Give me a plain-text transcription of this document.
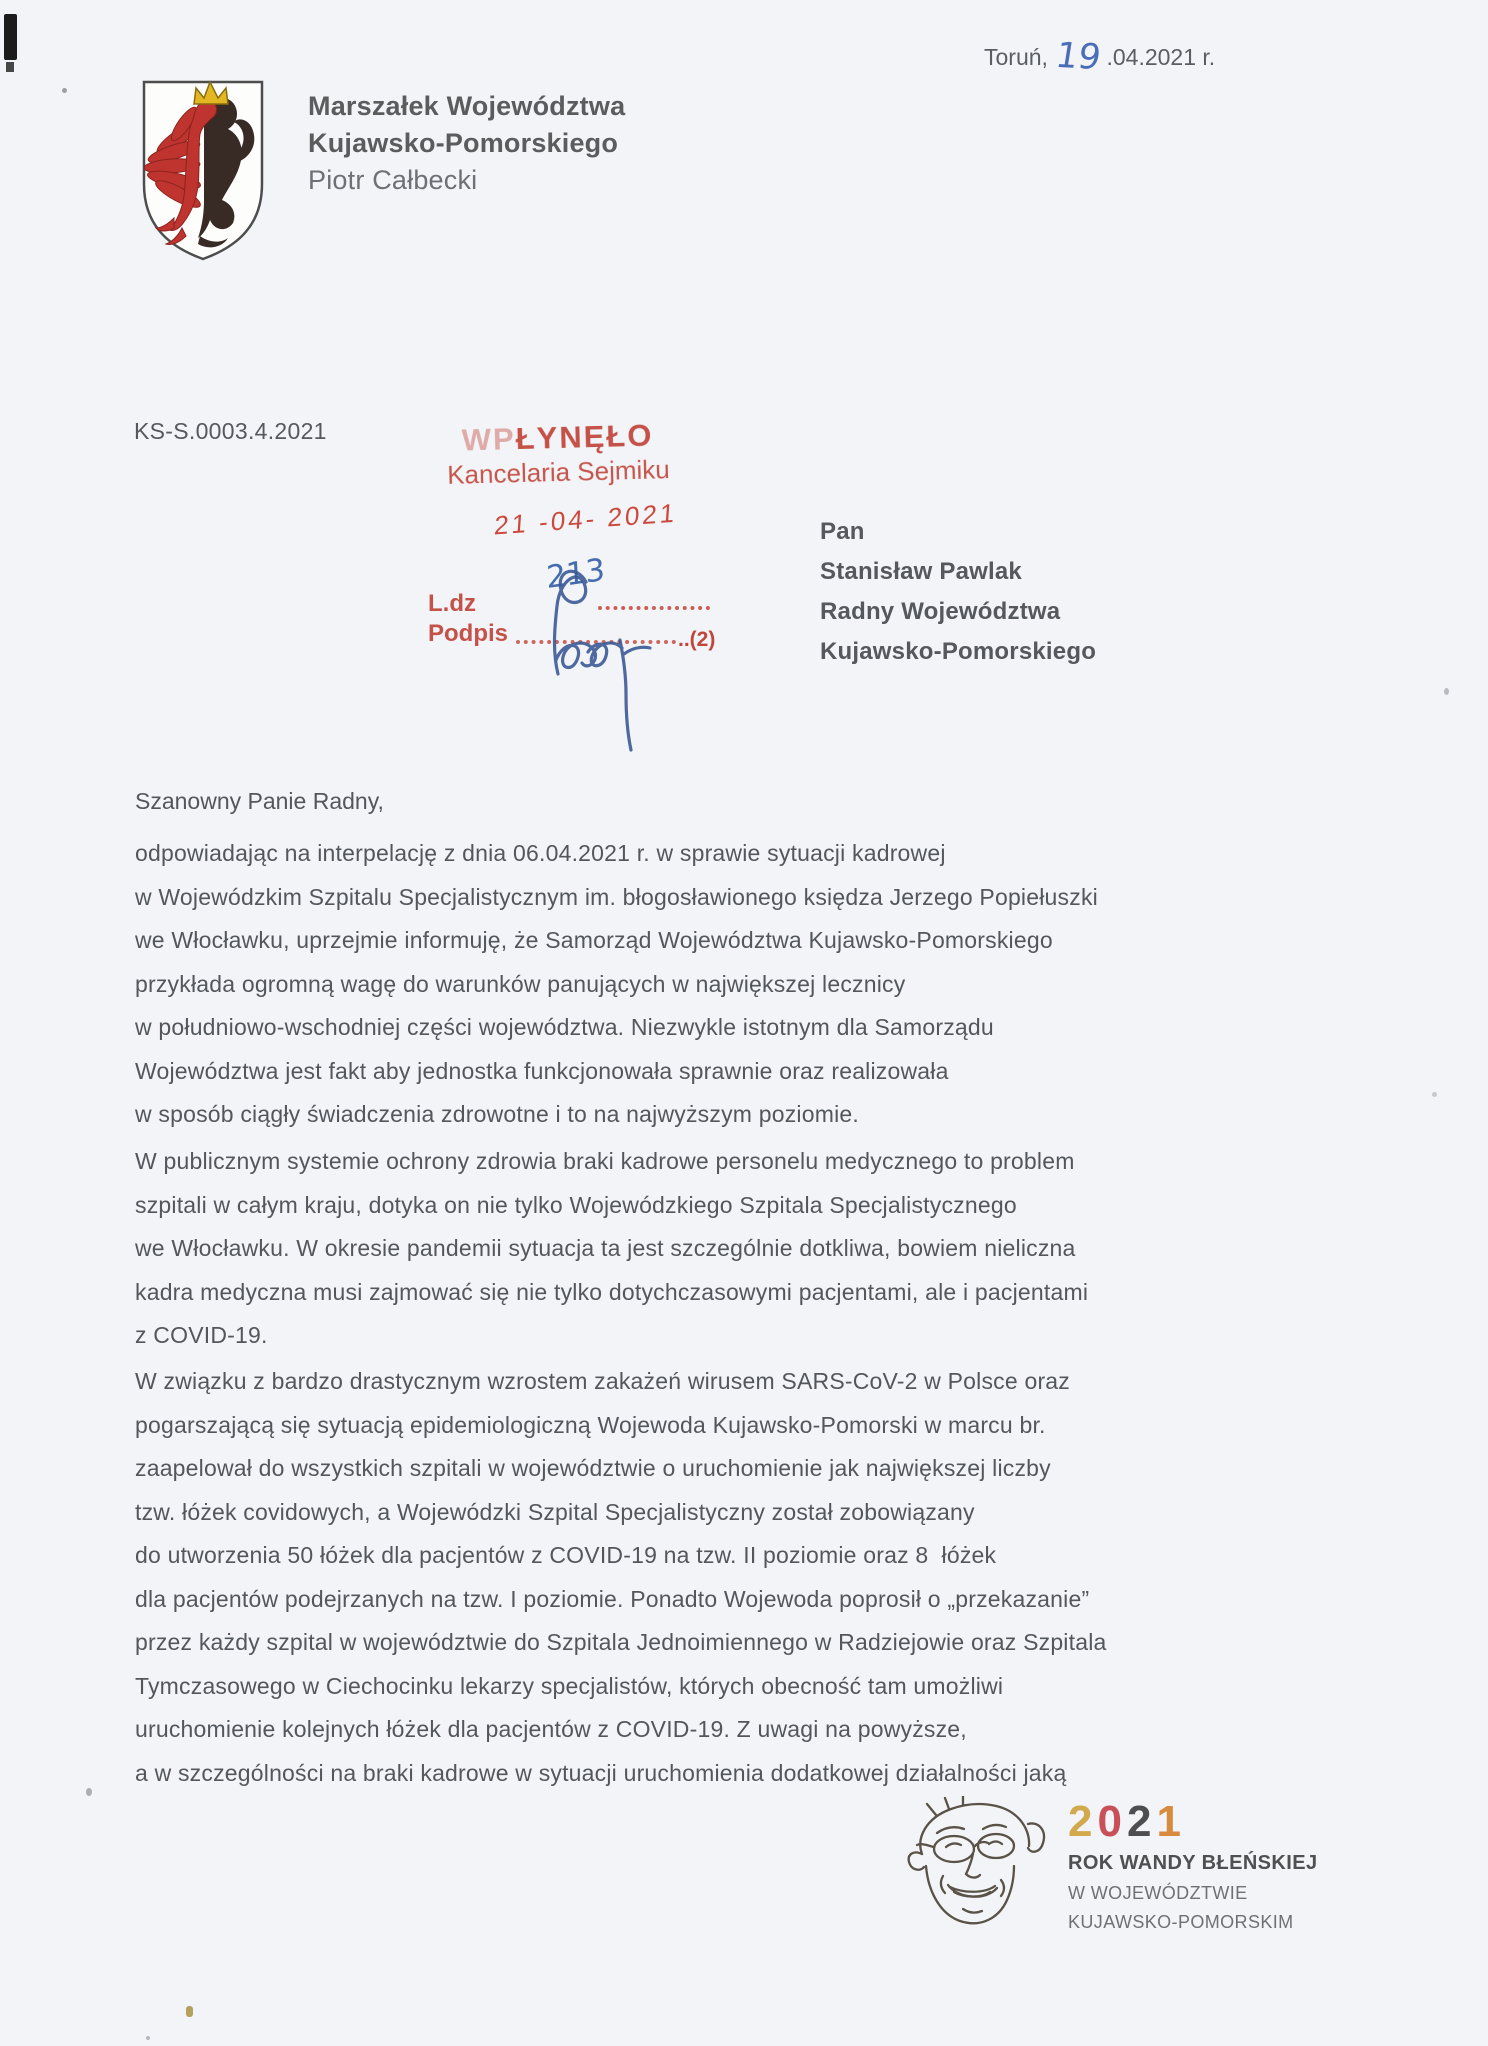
Marszałek Województwa
Kujawsko-Pomorskiego
Piotr Całbecki
Toruń, 19 .04.2021 r.
KS-S.0003.4.2021	WPŁYNĘŁO
Kancelaria Sejmiku
21 -04- 2021
L.dz
Podpis	..(2)
213
Pan
Stanisław Pawlak
Radny Województwa
Kujawsko-Pomorskiego
Szanowny Panie Radny,
odpowiadając na interpelację z dnia 06.04.2021 r. w sprawie sytuacji kadrowej
w Wojewódzkim Szpitalu Specjalistycznym im. błogosławionego księdza Jerzego Popiełuszki
we Włocławku, uprzejmie informuję, że Samorząd Województwa Kujawsko-Pomorskiego
przykłada ogromną wagę do warunków panujących w największej lecznicy
w południowo-wschodniej części województwa. Niezwykle istotnym dla Samorządu
Województwa jest fakt aby jednostka funkcjonowała sprawnie oraz realizowała
w sposób ciągły świadczenia zdrowotne i to na najwyższym poziomie.
W publicznym systemie ochrony zdrowia braki kadrowe personelu medycznego to problem
szpitali w całym kraju, dotyka on nie tylko Wojewódzkiego Szpitala Specjalistycznego
we Włocławku. W okresie pandemii sytuacja ta jest szczególnie dotkliwa, bowiem nieliczna
kadra medyczna musi zajmować się nie tylko dotychczasowymi pacjentami, ale i pacjentami
z COVID-19.
W związku z bardzo drastycznym wzrostem zakażeń wirusem SARS-CoV-2 w Polsce oraz
pogarszającą się sytuacją epidemiologiczną Wojewoda Kujawsko-Pomorski w marcu br.
zaapelował do wszystkich szpitali w województwie o uruchomienie jak największej liczby
tzw. łóżek covidowych, a Wojewódzki Szpital Specjalistyczny został zobowiązany
do utworzenia 50 łóżek dla pacjentów z COVID-19 na tzw. II poziomie oraz 8  łóżek
dla pacjentów podejrzanych na tzw. I poziomie. Ponadto Wojewoda poprosił o „przekazanie”
przez każdy szpital w województwie do Szpitala Jednoimiennego w Radziejowie oraz Szpitala
Tymczasowego w Ciechocinku lekarzy specjalistów, których obecność tam umożliwi
uruchomienie kolejnych łóżek dla pacjentów z COVID-19. Z uwagi na powyższe,
a w szczególności na braki kadrowe w sytuacji uruchomienia dodatkowej działalności jaką
2021
ROK WANDY BŁEŃSKIEJ
W WOJEWÓDZTWIE
KUJAWSKO-POMORSKIM
